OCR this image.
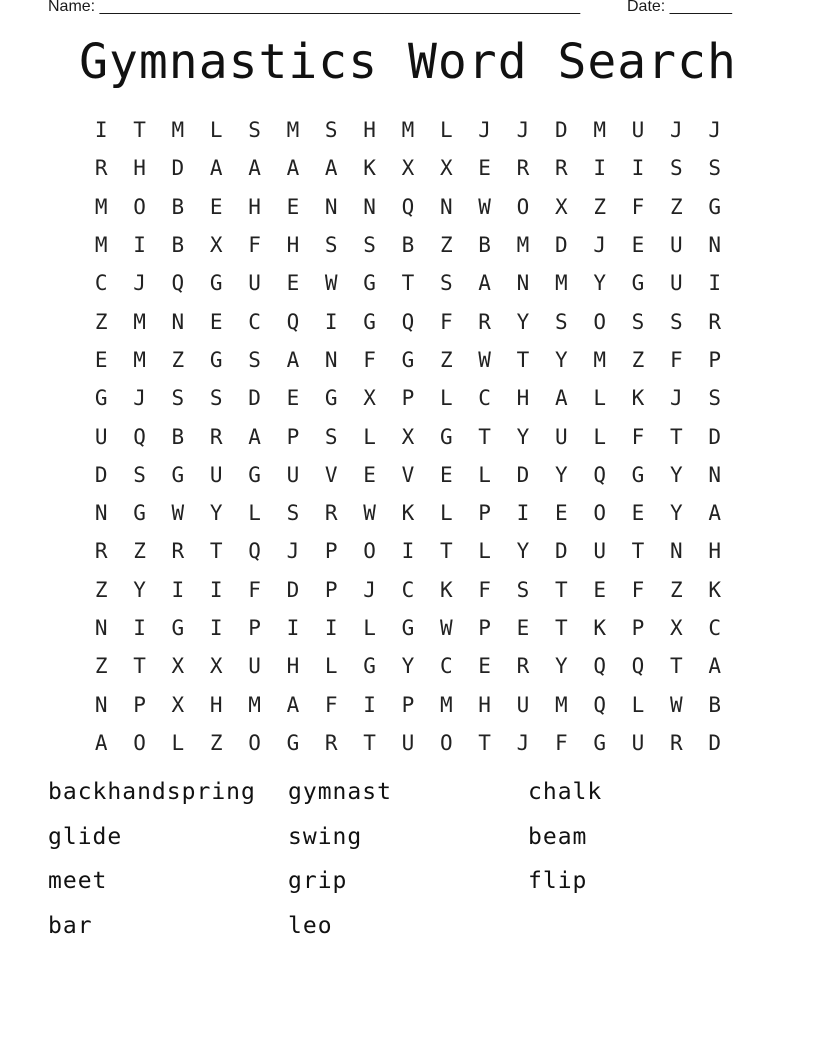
Name: ______________________________________________________	Date: _______
Gymnastics Word Search
I	T	M	L	S	M	S	H	M	L	J	J	D	M	U	J	J
R	H	D	A	A	A	A	K	X	X	E	R	R	I	I	S	S
M	O	B	E	H	E	N	N	Q	N	W	O	X	Z	F	Z	G
M	I	B	X	F	H	S	S	B	Z	B	M	D	J	E	U	N
C	J	Q	G	U	E	W	G	T	S	A	N	M	Y	G	U	I
Z	M	N	E	C	Q	I	G	Q	F	R	Y	S	O	S	S	R
E	M	Z	G	S	A	N	F	G	Z	W	T	Y	M	Z	F	P
G	J	S	S	D	E	G	X	P	L	C	H	A	L	K	J	S
U	Q	B	R	A	P	S	L	X	G	T	Y	U	L	F	T	D
D	S	G	U	G	U	V	E	V	E	L	D	Y	Q	G	Y	N
N	G	W	Y	L	S	R	W	K	L	P	I	E	O	E	Y	A
R	Z	R	T	Q	J	P	O	I	T	L	Y	D	U	T	N	H
Z	Y	I	I	F	D	P	J	C	K	F	S	T	E	F	Z	K
N	I	G	I	P	I	I	L	G	W	P	E	T	K	P	X	C
Z	T	X	X	U	H	L	G	Y	C	E	R	Y	Q	Q	T	A
N	P	X	H	M	A	F	I	P	M	H	U	M	Q	L	W	B
A	O	L	Z	O	G	R	T	U	O	T	J	F	G	U	R	D
backhandspring	gymnast	chalk
glide	swing	beam
meet	grip	flip
bar	leo
